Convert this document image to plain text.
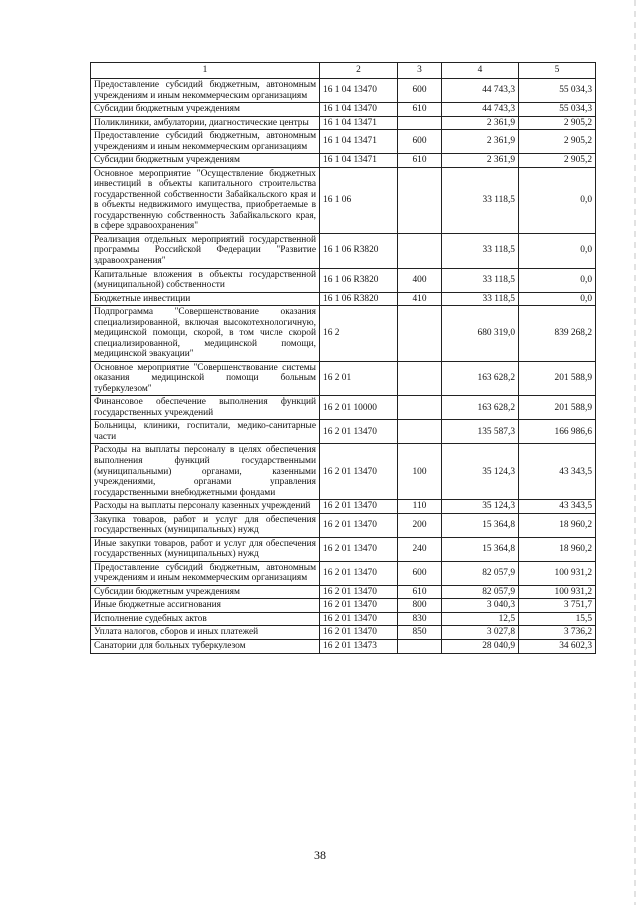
1	2	3	4	5
Предоставление субсидий бюджетным, автономным учреждениям и иным некоммерческим организациям	16 1 04 13470	600	44 743,3	55 034,3
Субсидии бюджетным учреждениям	16 1 04 13470	610	44 743,3	55 034,3
Поликлиники, амбулатории, диагностические центры	16 1 04 13471		2 361,9	2 905,2
Предоставление субсидий бюджетным, автономным учреждениям и иным некоммерческим организациям	16 1 04 13471	600	2 361,9	2 905,2
Субсидии бюджетным учреждениям	16 1 04 13471	610	2 361,9	2 905,2
Основное мероприятие "Осуществление бюджетных инвестиций в объекты капитального строительства государственной собственности Забайкальского края и в объекты недвижимого имущества, приобретаемые в государственную собственность Забайкальского края, в сфере здравоохранения"	16 1 06		33 118,5	0,0
Реализация отдельных мероприятий государственной программы Российской Федерации "Развитие здравоохранения"	16 1 06 R3820		33 118,5	0,0
Капитальные вложения в объекты государственной (муниципальной) собственности	16 1 06 R3820	400	33 118,5	0,0
Бюджетные инвестиции	16 1 06 R3820	410	33 118,5	0,0
Подпрограмма "Совершенствование оказания специализированной, включая высокотехнологичную, медицинской помощи, скорой, в том числе скорой специализированной, медицинской помощи, медицинской эвакуации"	16 2		680 319,0	839 268,2
Основное мероприятие "Совершенствование системы оказания медицинской помощи больным туберкулезом"	16 2 01		163 628,2	201 588,9
Финансовое обеспечение выполнения функций государственных учреждений	16 2 01 10000		163 628,2	201 588,9
Больницы, клиники, госпитали, медико-санитарные части	16 2 01 13470		135 587,3	166 986,6
Расходы на выплаты персоналу в целях обеспечения выполнения функций государственными (муниципальными) органами, казенными учреждениями, органами управления государственными внебюджетными фондами	16 2 01 13470	100	35 124,3	43 343,5
Расходы на выплаты персоналу казенных учреждений	16 2 01 13470	110	35 124,3	43 343,5
Закупка товаров, работ и услуг для обеспечения государственных (муниципальных) нужд	16 2 01 13470	200	15 364,8	18 960,2
Иные закупки товаров, работ и услуг для обеспечения государственных (муниципальных) нужд	16 2 01 13470	240	15 364,8	18 960,2
Предоставление субсидий бюджетным, автономным учреждениям и иным некоммерческим организациям	16 2 01 13470	600	82 057,9	100 931,2
Субсидии бюджетным учреждениям	16 2 01 13470	610	82 057,9	100 931,2
Иные бюджетные ассигнования	16 2 01 13470	800	3 040,3	3 751,7
Исполнение судебных актов	16 2 01 13470	830	12,5	15,5
Уплата налогов, сборов и иных платежей	16 2 01 13470	850	3 027,8	3 736,2
Санатории для больных туберкулезом	16 2 01 13473		28 040,9	34 602,3
38
